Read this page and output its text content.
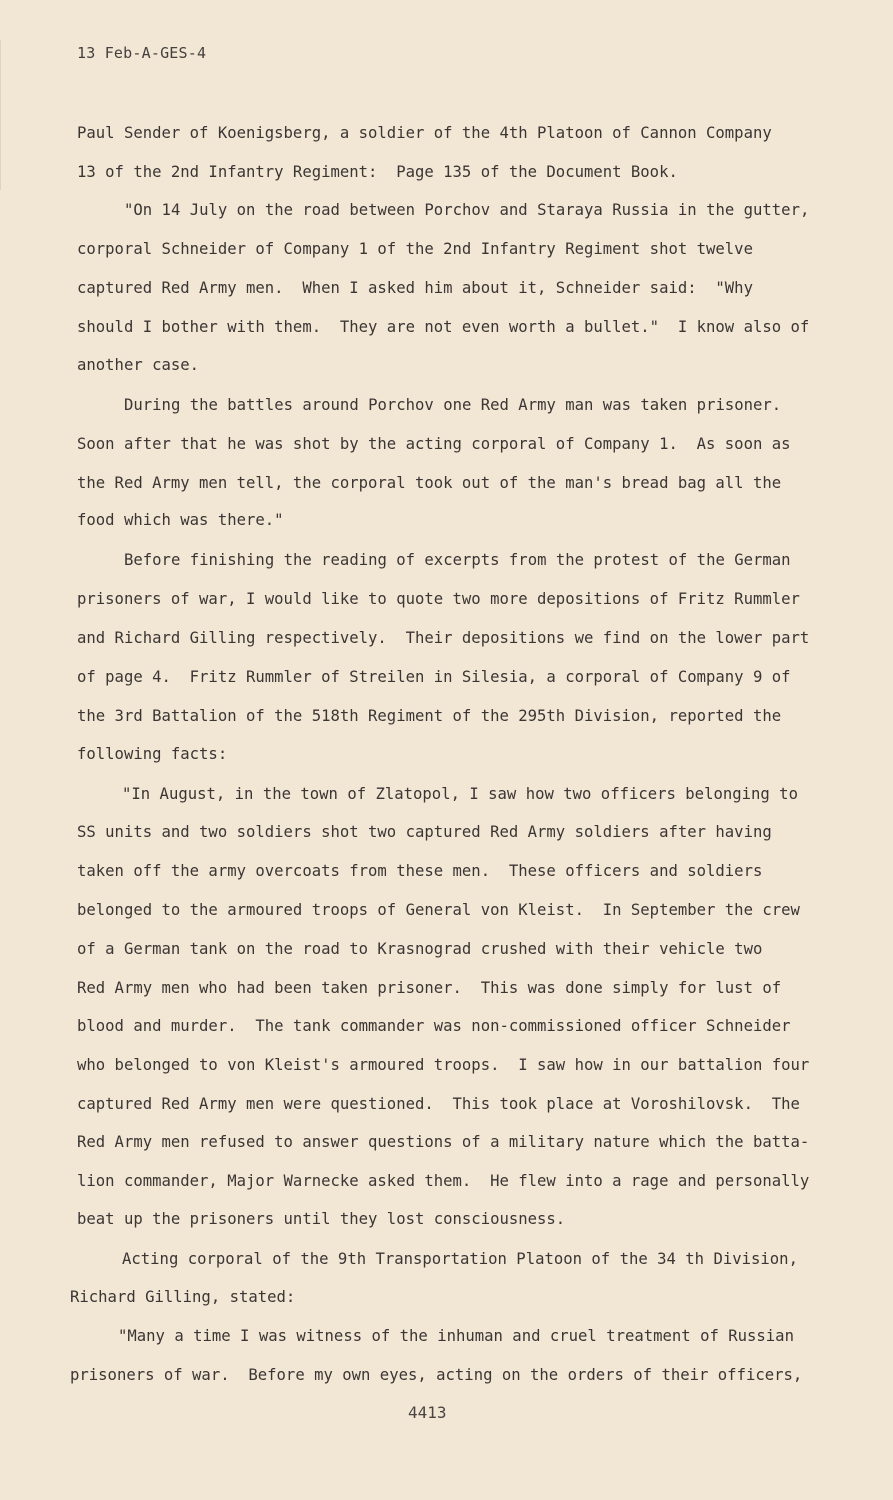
13 Feb-A-GES-4
Paul Sender of Koenigsberg, a soldier of the 4th Platoon of Cannon Company
13 of the 2nd Infantry Regiment:  Page 135 of the Document Book.
"On 14 July on the road between Porchov and Staraya Russia in the gutter,
corporal Schneider of Company 1 of the 2nd Infantry Regiment shot twelve
captured Red Army men.  When I asked him about it, Schneider said:  "Why
should I bother with them.  They are not even worth a bullet."  I know also of
another case.
During the battles around Porchov one Red Army man was taken prisoner.
Soon after that he was shot by the acting corporal of Company 1.  As soon as
the Red Army men tell, the corporal took out of the man's bread bag all the
food which was there."
Before finishing the reading of excerpts from the protest of the German
prisoners of war, I would like to quote two more depositions of Fritz Rummler
and Richard Gilling respectively.  Their depositions we find on the lower part
of page 4.  Fritz Rummler of Streilen in Silesia, a corporal of Company 9 of
the 3rd Battalion of the 518th Regiment of the 295th Division, reported the
following facts:
"In August, in the town of Zlatopol, I saw how two officers belonging to
SS units and two soldiers shot two captured Red Army soldiers after having
taken off the army overcoats from these men.  These officers and soldiers
belonged to the armoured troops of General von Kleist.  In September the crew
of a German tank on the road to Krasnograd crushed with their vehicle two
Red Army men who had been taken prisoner.  This was done simply for lust of
blood and murder.  The tank commander was non-commissioned officer Schneider
who belonged to von Kleist's armoured troops.  I saw how in our battalion four
captured Red Army men were questioned.  This took place at Voroshilovsk.  The
Red Army men refused to answer questions of a military nature which the batta-
lion commander, Major Warnecke asked them.  He flew into a rage and personally
beat up the prisoners until they lost consciousness.
Acting corporal of the 9th Transportation Platoon of the 34 th Division,
Richard Gilling, stated:
"Many a time I was witness of the inhuman and cruel treatment of Russian
prisoners of war.  Before my own eyes, acting on the orders of their officers,
4413
